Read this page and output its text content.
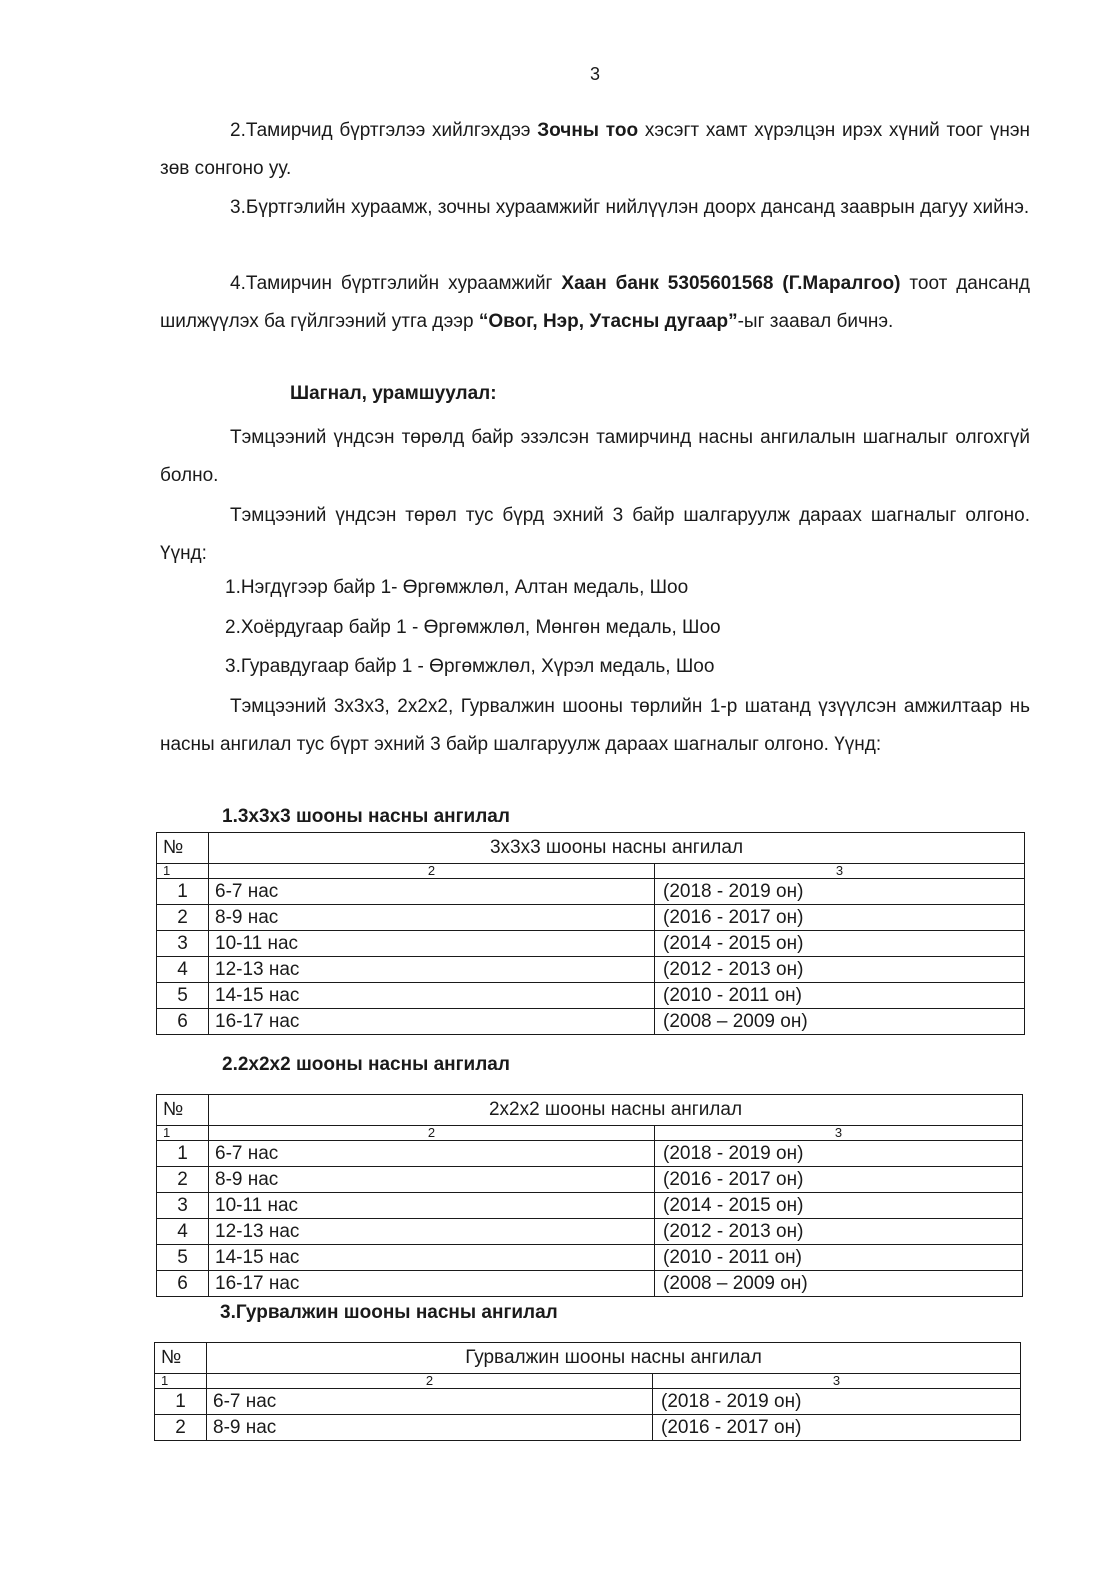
3
2.Тамирчид бүртгэлээ хийлгэхдээ Зочны тоо хэсэгт хамт хүрэлцэн ирэх хүний тоог үнэн зөв сонгоно уу.
3.Бүртгэлийн хураамж, зочны хураамжийг нийлүүлэн доорх дансанд зааврын дагуу хийнэ.
4.Тамирчин бүртгэлийн хураамжийг Хаан банк 5305601568 (Г.Маралгоо) тоот дансанд шилжүүлэх ба гүйлгээний утга дээр “Овог, Нэр, Утасны дугаар”-ыг заавал бичнэ.
Шагнал, урамшуулал:
Тэмцээний үндсэн төрөлд байр эзэлсэн тамирчинд насны ангилалын шагналыг олгохгүй болно.
Тэмцээний үндсэн төрөл тус бүрд эхний 3 байр шалгаруулж дараах шагналыг олгоно. Үүнд:
1.Нэгдүгээр байр 1- Өргөмжлөл, Алтан медаль, Шоо
2.Хоёрдугаар байр 1 - Өргөмжлөл, Мөнгөн медаль, Шоо
3.Гуравдугаар байр 1 - Өргөмжлөл, Хүрэл медаль, Шоо
Тэмцээний 3х3х3, 2х2х2, Гурвалжин шооны төрлийн 1-р шатанд үзүүлсэн амжилтаар нь насны ангилал тус бүрт эхний 3 байр шалгаруулж дараах шагналыг олгоно. Үүнд:
1.3х3х3 шооны насны ангилал
№	3х3х3 шооны насны ангилал	
1	2	3
1	6-7 нас	(2018 - 2019 он)
2	8-9 нас	(2016 - 2017 он)
3	10-11 нас	(2014 - 2015 он)
4	12-13 нас	(2012 - 2013 он)
5	14-15 нас	(2010 - 2011 он)
6	16-17 нас	(2008 – 2009 он)
2.2х2х2 шооны насны ангилал
№	2х2х2 шооны насны ангилал	
1	2	3
1	6-7 нас	(2018 - 2019 он)
2	8-9 нас	(2016 - 2017 он)
3	10-11 нас	(2014 - 2015 он)
4	12-13 нас	(2012 - 2013 он)
5	14-15 нас	(2010 - 2011 он)
6	16-17 нас	(2008 – 2009 он)
3.Гурвалжин шооны насны ангилал
№	Гурвалжин шооны насны ангилал	
1	2	3
1	6-7 нас	(2018 - 2019 он)
2	8-9 нас	(2016 - 2017 он)
